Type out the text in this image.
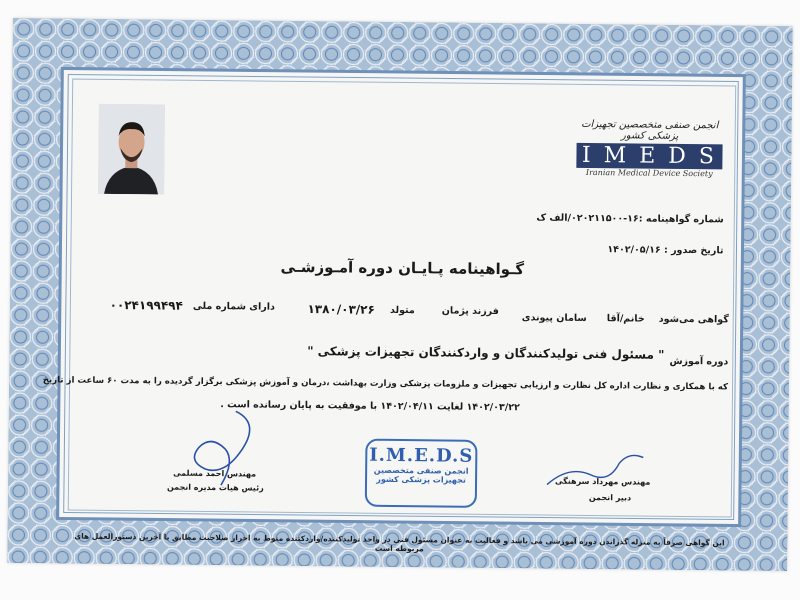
انجمن صنفی متخصصین تجهیزات پزشکی کشور
I M E D S
Iranian Medical Device Society
شماره گواهینامه :۱۶-۰۲۰۲۱۱۵۰۰/الف ک
تاریخ صدور : ۱۴۰۲/۰۵/۱۶
گـواهینامه پـایـان دوره آمـوزشـی
گواهی می‌شود
خانم/آقا
سامان پیوندی
فرزند پژمان
متولد
۱۳۸۰/۰۳/۲۶
دارای شماره ملی
۰۰۲۴۱۹۹۴۹۴
دوره آموزش
" مسئول فنی تولیدکنندگان و واردکنندگان تجهیزات پزشکی "
که با همکاری و نظارت اداره کل نظارت و ارزیابی تجهیزات و ملزومات پزشکی وزارت بهداشت ،درمان و آموزش پزشکی برگزار گردیده را به مدت ۶۰ ساعت از تاریخ
۱۴۰۲/۰۳/۲۲ لغایت ۱۴۰۲/۰۴/۱۱ با موفقیت به پایان رسانده است .
مهندس احمد مسلمی
رئیس هیات مدیره انجمن
مهندس مهرداد سرهنگی
دبیر انجمن
I.M.E.D.S
انجمن صنفی متخصصین
تجهیزات پزشکی کشور
این گواهی صرفاً به منزله گذراندن دوره آموزشی می باشد و فعالیت به عنوان مسئول فنی در واحد تولیدکننده/واردکننده منوط به احراز صلاحیت مطابق با آخرین دستورالعمل های مربوطه است
